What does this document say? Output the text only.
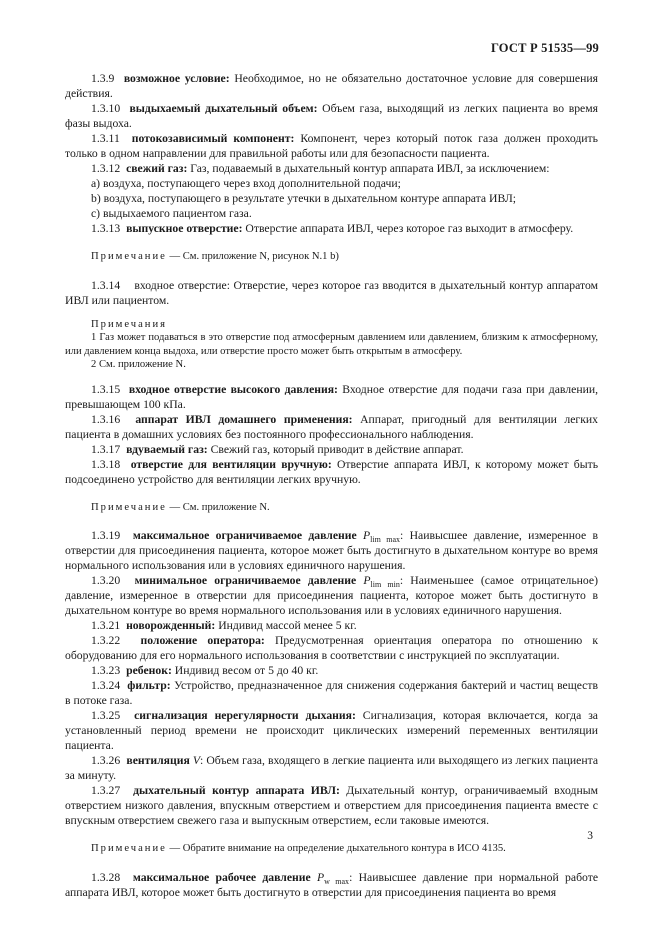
ГОСТ Р 51535—99

1.3.9 возможное условие: Необходимое, но не обязательно достаточное условие для совершения действия.

1.3.10 выдыхаемый дыхательный объем: Объем газа, выходящий из легких пациента во время фазы выдоха.

1.3.11 потокозависимый компонент: Компонент, через который поток газа должен проходить только в одном направлении для правильной работы или для безопасности пациента.

1.3.12 свежий газ: Газ, подаваемый в дыхательный контур аппарата ИВЛ, за исключением:

а) воздуха, поступающего через вход дополнительной подачи;

b) воздуха, поступающего в результате утечки в дыхательном контуре аппарата ИВЛ;

с) выдыхаемого пациентом газа.

1.3.13 выпускное отверстие: Отверстие аппарата ИВЛ, через которое газ выходит в атмосферу.

Примечание — См. приложение N, рисунок N.1 b)

1.3.14 входное отверстие: Отверстие, через которое газ вводится в дыхательный контур аппаратом ИВЛ или пациентом.

Примечания

1 Газ может подаваться в это отверстие под атмосферным давлением или давлением, близким к атмосферному, или давлением конца выдоха, или отверстие просто может быть открытым в атмосферу.

2 См. приложение N.

1.3.15 входное отверстие высокого давления: Входное отверстие для подачи газа при давлении, превышающем 100 кПа.

1.3.16 аппарат ИВЛ домашнего применения: Аппарат, пригодный для вентиляции легких пациента в домашних условиях без постоянного профессионального наблюдения.

1.3.17 вдуваемый газ: Свежий газ, который приводит в действие аппарат.

1.3.18 отверстие для вентиляции вручную: Отверстие аппарата ИВЛ, к которому может быть подсоединено устройство для вентиляции легких вручную.

Примечание — См. приложение N.

1.3.19 максимальное ограничиваемое давление $P_{lim max}$: Наивысшее давление, измеренное в отверстии для присоединения пациента, которое может быть достигнуто в дыхательном контуре во время нормального использования или в условиях единичного нарушения.

1.3.20 минимальное ограничиваемое давление $P_{lim min}$: Наименьшее (самое отрицательное) давление, измеренное в отверстии для присоединения пациента, которое может быть достигнуто в дыхательном контуре во время нормального использования или в условиях единичного нарушения.

1.3.21 новорожденный: Индивид массой менее 5 кг.

1.3.22 положение оператора: Предусмотренная ориентация оператора по отношению к оборудованию для его нормального использования в соответствии с инструкцией по эксплуатации.

1.3.23 ребенок: Индивид весом от 5 до 40 кг.

1.3.24 фильтр: Устройство, предназначенное для снижения содержания бактерий и частиц веществ в потоке газа.

1.3.25 сигнализация нерегулярности дыхания: Сигнализация, которая включается, когда за установленный период времени не происходит циклических измерений переменных вентиляции пациента.

1.3.26 вентиляция V: Объем газа, входящего в легкие пациента или выходящего из легких пациента за минуту.

1.3.27 дыхательный контур аппарата ИВЛ: Дыхательный контур, ограничиваемый входным отверстием низкого давления, впускным отверстием и отверстием для присоединения пациента вместе с впускным отверстием свежего газа и выпускным отверстием, если таковые имеются.

Примечание — Обратите внимание на определение дыхательного контура в ИСО 4135.

1.3.28 максимальное рабочее давление $P_{w max}$: Наивысшее давление при нормальной работе аппарата ИВЛ, которое может быть достигнуто в отверстии для присоединения пациента во время

3
